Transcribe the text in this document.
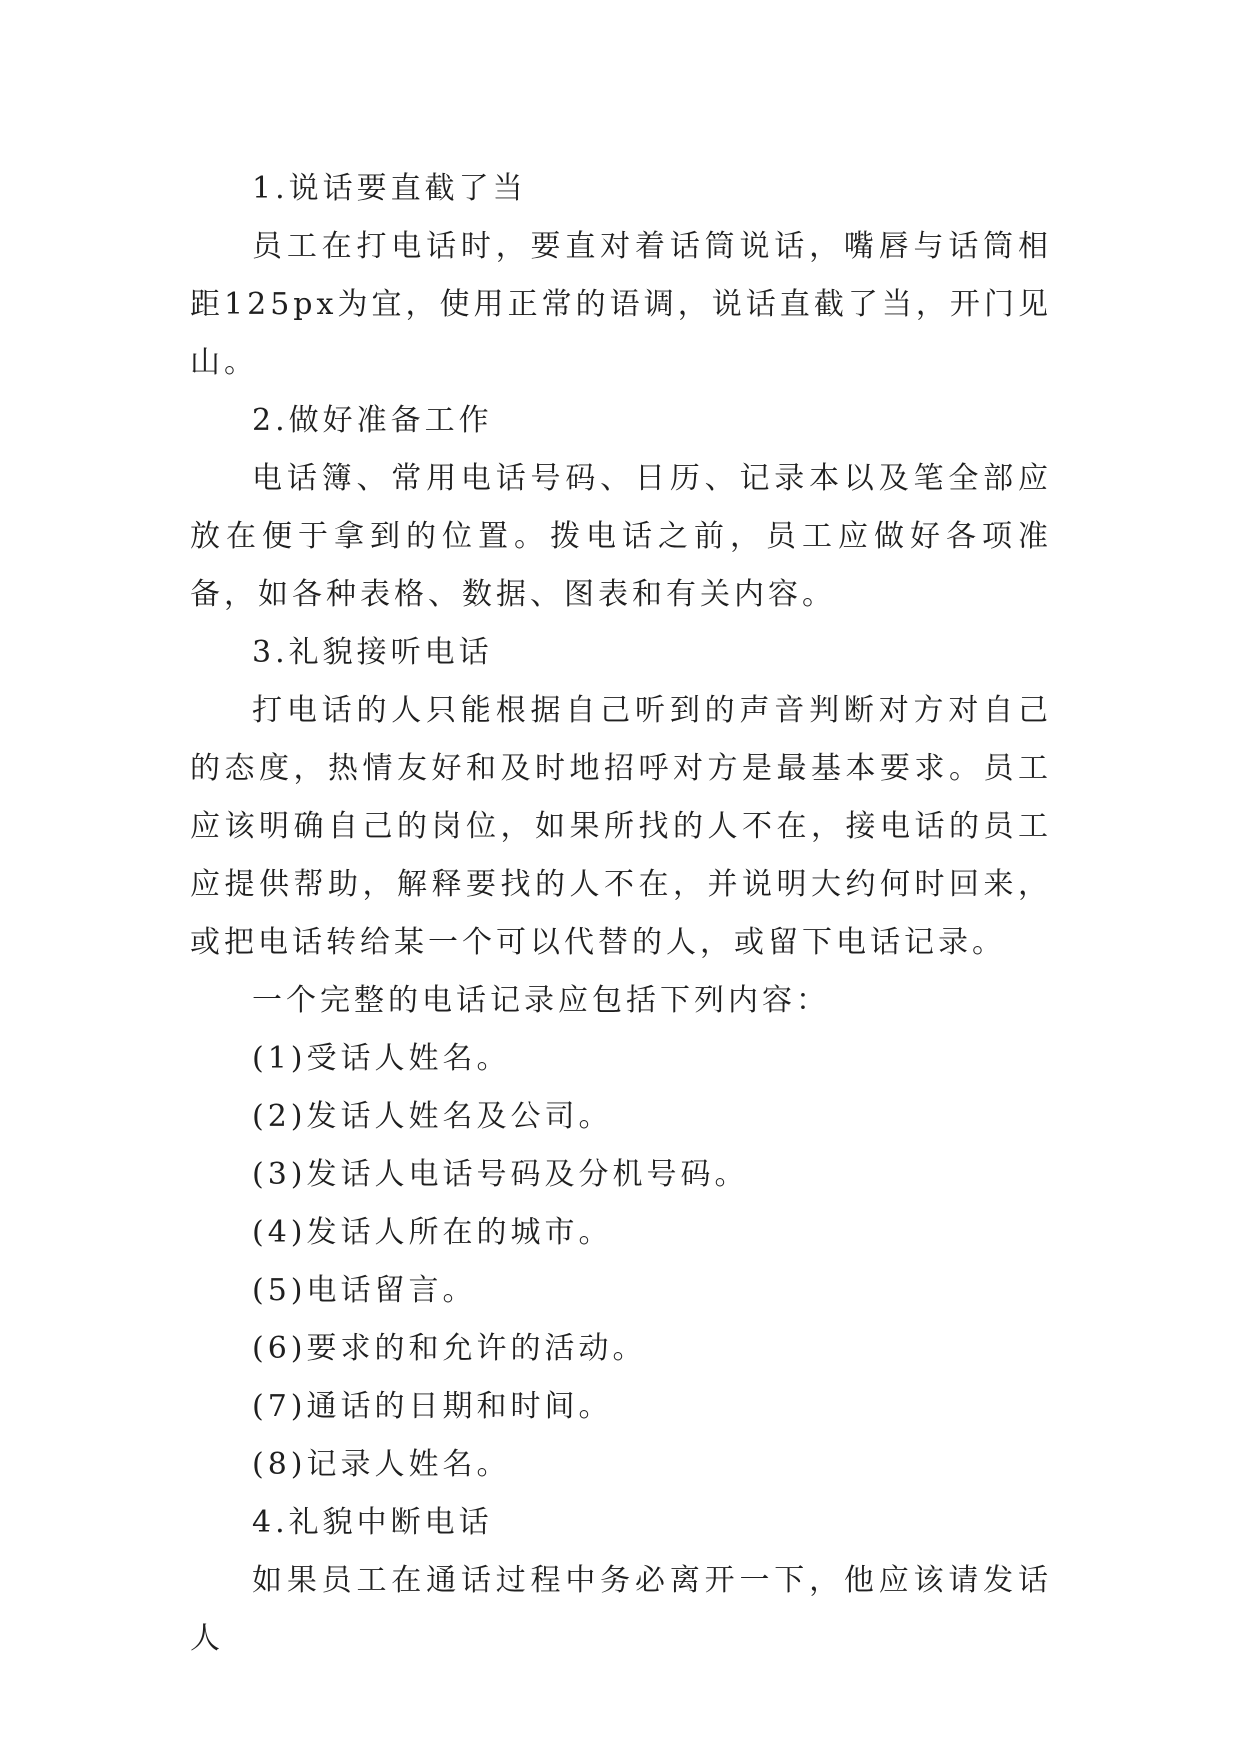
1.说话要直截了当

员工在打电话时，要直对着话筒说话，嘴唇与话筒相距125px为宜，使用正常的语调，说话直截了当，开门见山。

2.做好准备工作

电话簿、常用电话号码、日历、记录本以及笔全部应放在便于拿到的位置。拨电话之前，员工应做好各项准备，如各种表格、数据、图表和有关内容。

3.礼貌接听电话

打电话的人只能根据自己听到的声音判断对方对自己的态度，热情友好和及时地招呼对方是最基本要求。员工应该明确自己的岗位，如果所找的人不在，接电话的员工应提供帮助，解释要找的人不在，并说明大约何时回来，或把电话转给某一个可以代替的人，或留下电话记录。

一个完整的电话记录应包括下列内容：

(1)受话人姓名。

(2)发话人姓名及公司。

(3)发话人电话号码及分机号码。

(4)发话人所在的城市。

(5)电话留言。

(6)要求的和允许的活动。

(7)通话的日期和时间。

(8)记录人姓名。

4.礼貌中断电话

如果员工在通话过程中务必离开一下，他应该请发话人
